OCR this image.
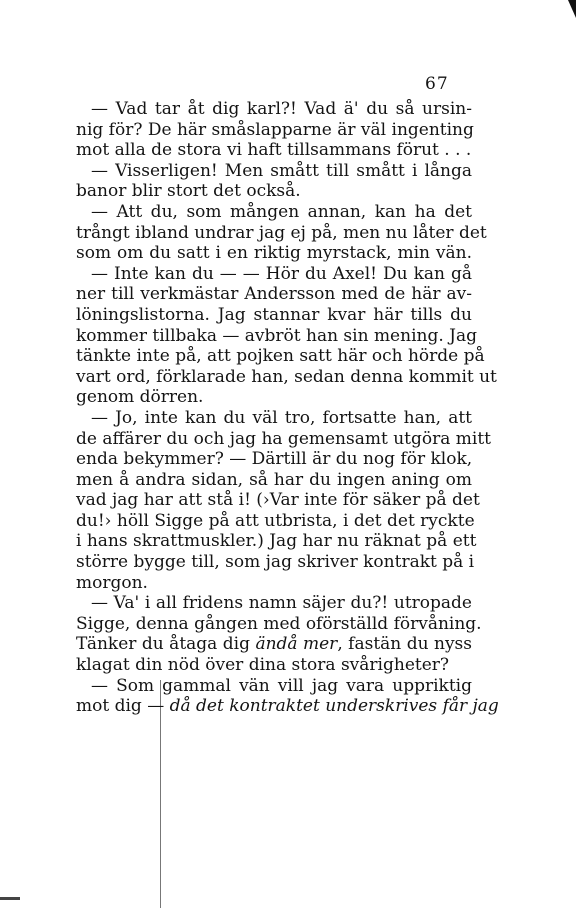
67
— Vad tar åt dig karl?! Vad ä' du så ursin-
nig för? De här småslapparne är väl ingenting
mot alla de stora vi haft tillsammans förut . . .
— Visserligen! Men smått till smått i långa
banor blir stort det också.
— Att du, som mången annan, kan ha det
trångt ibland undrar jag ej på, men nu låter det
som om du satt i en riktig myrstack, min vän.
— Inte kan du — — Hör du Axel! Du kan gå
ner till verkmästar Andersson med de här av-
löningslistorna. Jag stannar kvar här tills du
kommer tillbaka — avbröt han sin mening. Jag
tänkte inte på, att pojken satt här och hörde på
vart ord, förklarade han, sedan denna kommit ut
genom dörren.
— Jo, inte kan du väl tro, fortsatte han, att
de affärer du och jag ha gemensamt utgöra mitt
enda bekymmer? — Därtill är du nog för klok,
men å andra sidan, så har du ingen aning om
vad jag har att stå i! (›Var inte för säker på det
du!› höll Sigge på att utbrista, i det det ryckte
i hans skrattmuskler.) Jag har nu räknat på ett
större bygge till, som jag skriver kontrakt på i
morgon.
— Va' i all fridens namn säjer du?! utropade
Sigge, denna gången med oförställd förvåning.
Tänker du åtaga dig ändå mer, fastän du nyss
klagat din nöd över dina stora svårigheter?
— Som gammal vän vill jag vara uppriktig
mot dig — då det kontraktet underskrives får jag
